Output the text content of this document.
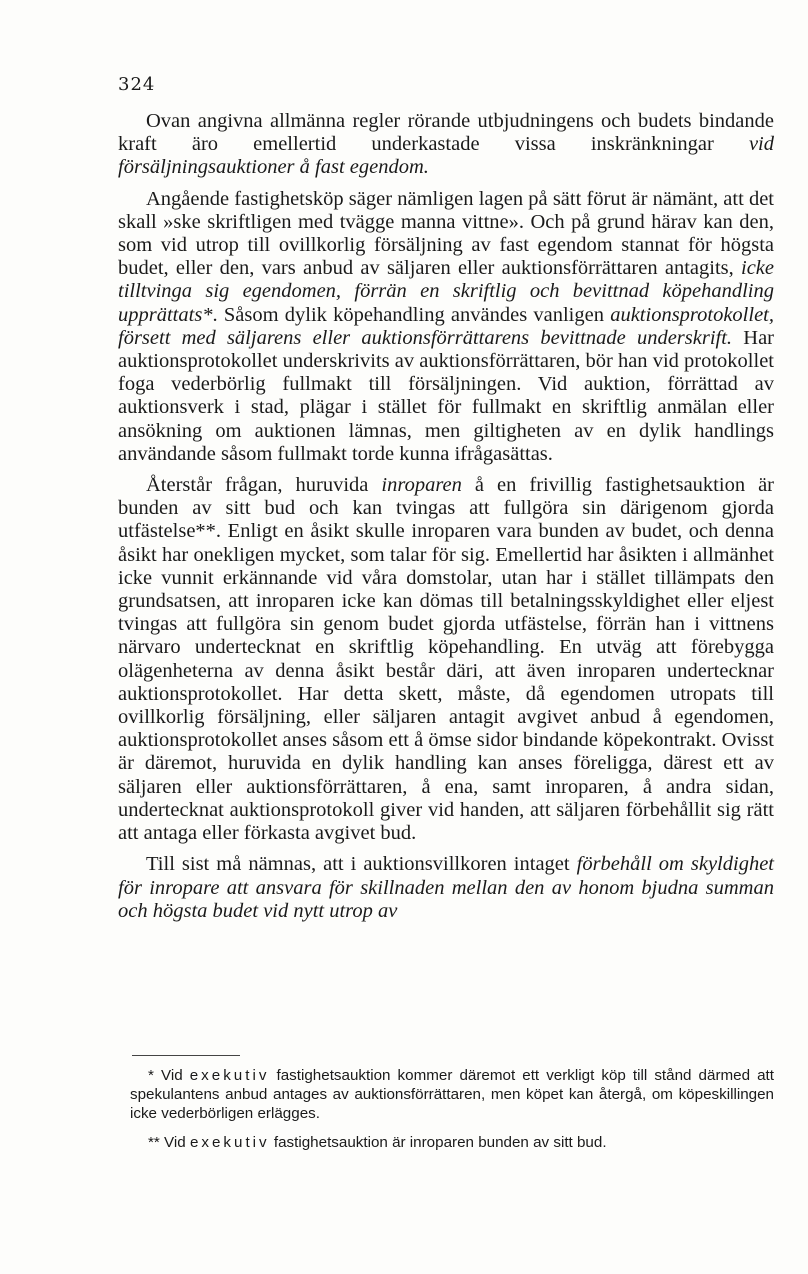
324

Ovan angivna allmänna regler rörande utbjudningens och budets bindande kraft äro emellertid underkastade vissa inskränkningar vid försäljningsauktioner å fast egendom.

Angående fastighetsköp säger nämligen lagen på sätt förut är nämänt, att det skall »ske skriftligen med tvägge manna vittne». Och på grund härav kan den, som vid utrop till ovillkorlig försäljning av fast egendom stannat för högsta budet, eller den, vars anbud av säljaren eller auktionsförrättaren antagits, icke tilltvinga sig egendomen, förrän en skriftlig och bevittnad köpehandling upprättats*. Såsom dylik köpehandling användes vanligen auktionsprotokollet, försett med säljarens eller auktionsförrättarens bevittnade underskrift. Har auktionsprotokollet underskrivits av auktionsförrättaren, bör han vid protokollet foga vederbörlig fullmakt till försäljningen. Vid auktion, förrättad av auktionsverk i stad, plägar i stället för fullmakt en skriftlig anmälan eller ansökning om auktionen lämnas, men giltigheten av en dylik handlings användande såsom fullmakt torde kunna ifrågasättas.

Återstår frågan, huruvida inroparen å en frivillig fastighetsauktion är bunden av sitt bud och kan tvingas att fullgöra sin därigenom gjorda utfästelse**. Enligt en åsikt skulle inroparen vara bunden av budet, och denna åsikt har onekligen mycket, som talar för sig. Emellertid har åsikten i allmänhet icke vunnit erkännande vid våra domstolar, utan har i stället tillämpats den grundsatsen, att inroparen icke kan dömas till betalningsskyldighet eller eljest tvingas att fullgöra sin genom budet gjorda utfästelse, förrän han i vittnens närvaro undertecknat en skriftlig köpehandling. En utväg att förebygga olägenheterna av denna åsikt består däri, att även inroparen undertecknar auktionsprotokollet. Har detta skett, måste, då egendomen utropats till ovillkorlig försäljning, eller säljaren antagit avgivet anbud å egendomen, auktionsprotokollet anses såsom ett å ömse sidor bindande köpekontrakt. Ovisst är däremot, huruvida en dylik handling kan anses föreligga, därest ett av säljaren eller auktionsförrättaren, å ena, samt inroparen, å andra sidan, undertecknat auktionsprotokoll giver vid handen, att säljaren förbehållit sig rätt att antaga eller förkasta avgivet bud.

Till sist må nämnas, att i auktionsvillkoren intaget förbehåll om skyldighet för inropare att ansvara för skillnaden mellan den av honom bjudna summan och högsta budet vid nytt utrop av

* Vid exekutiv fastighetsauktion kommer däremot ett verkligt köp till stånd därmed att spekulantens anbud antages av auktionsförrättaren, men köpet kan återgå, om köpeskillingen icke vederbörligen erlägges.

** Vid exekutiv fastighetsauktion är inroparen bunden av sitt bud.
